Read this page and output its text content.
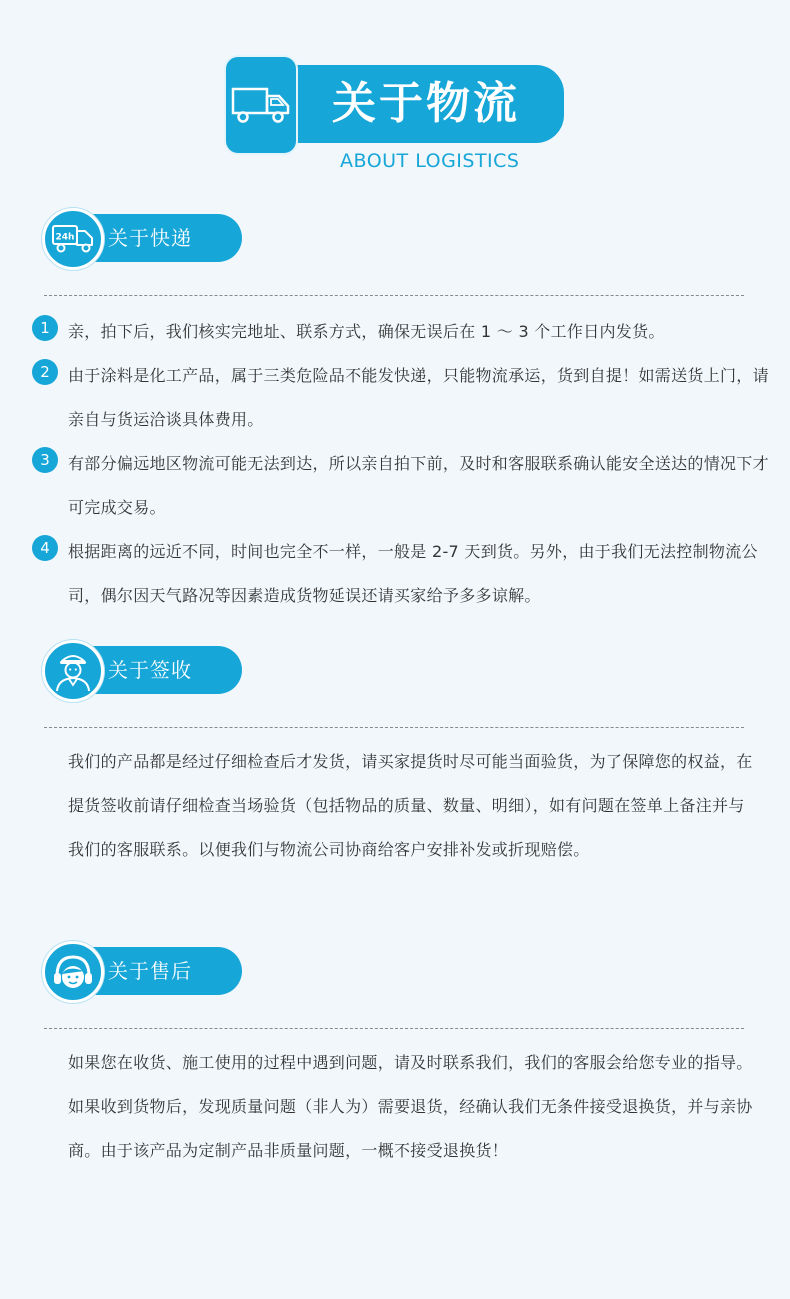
关于物流
ABOUT LOGISTICS
24h 关于快递
1	亲，拍下后，我们核实完地址、联系方式，确保无误后在 1 ～ 3 个工作日内发货。
2	由于涂料是化工产品，属于三类危险品不能发快递，只能物流承运，货到自提！如需送货上门，请亲自与货运洽谈具体费用。
3	有部分偏远地区物流可能无法到达，所以亲自拍下前，及时和客服联系确认能安全送达的情况下才可完成交易。
4	根据距离的远近不同，时间也完全不一样，一般是 2-7 天到货。另外，由于我们无法控制物流公司，偶尔因天气路况等因素造成货物延误还请买家给予多多谅解。
关于签收
我们的产品都是经过仔细检查后才发货，请买家提货时尽可能当面验货，为了保障您的权益，在提货签收前请仔细检查当场验货（包括物品的质量、数量、明细），如有问题在签单上备注并与我们的客服联系。以便我们与物流公司协商给客户安排补发或折现赔偿。
关于售后
如果您在收货、施工使用的过程中遇到问题，请及时联系我们，我们的客服会给您专业的指导。如果收到货物后，发现质量问题（非人为）需要退货，经确认我们无条件接受退换货，并与亲协商。由于该产品为定制产品非质量问题，一概不接受退换货！
